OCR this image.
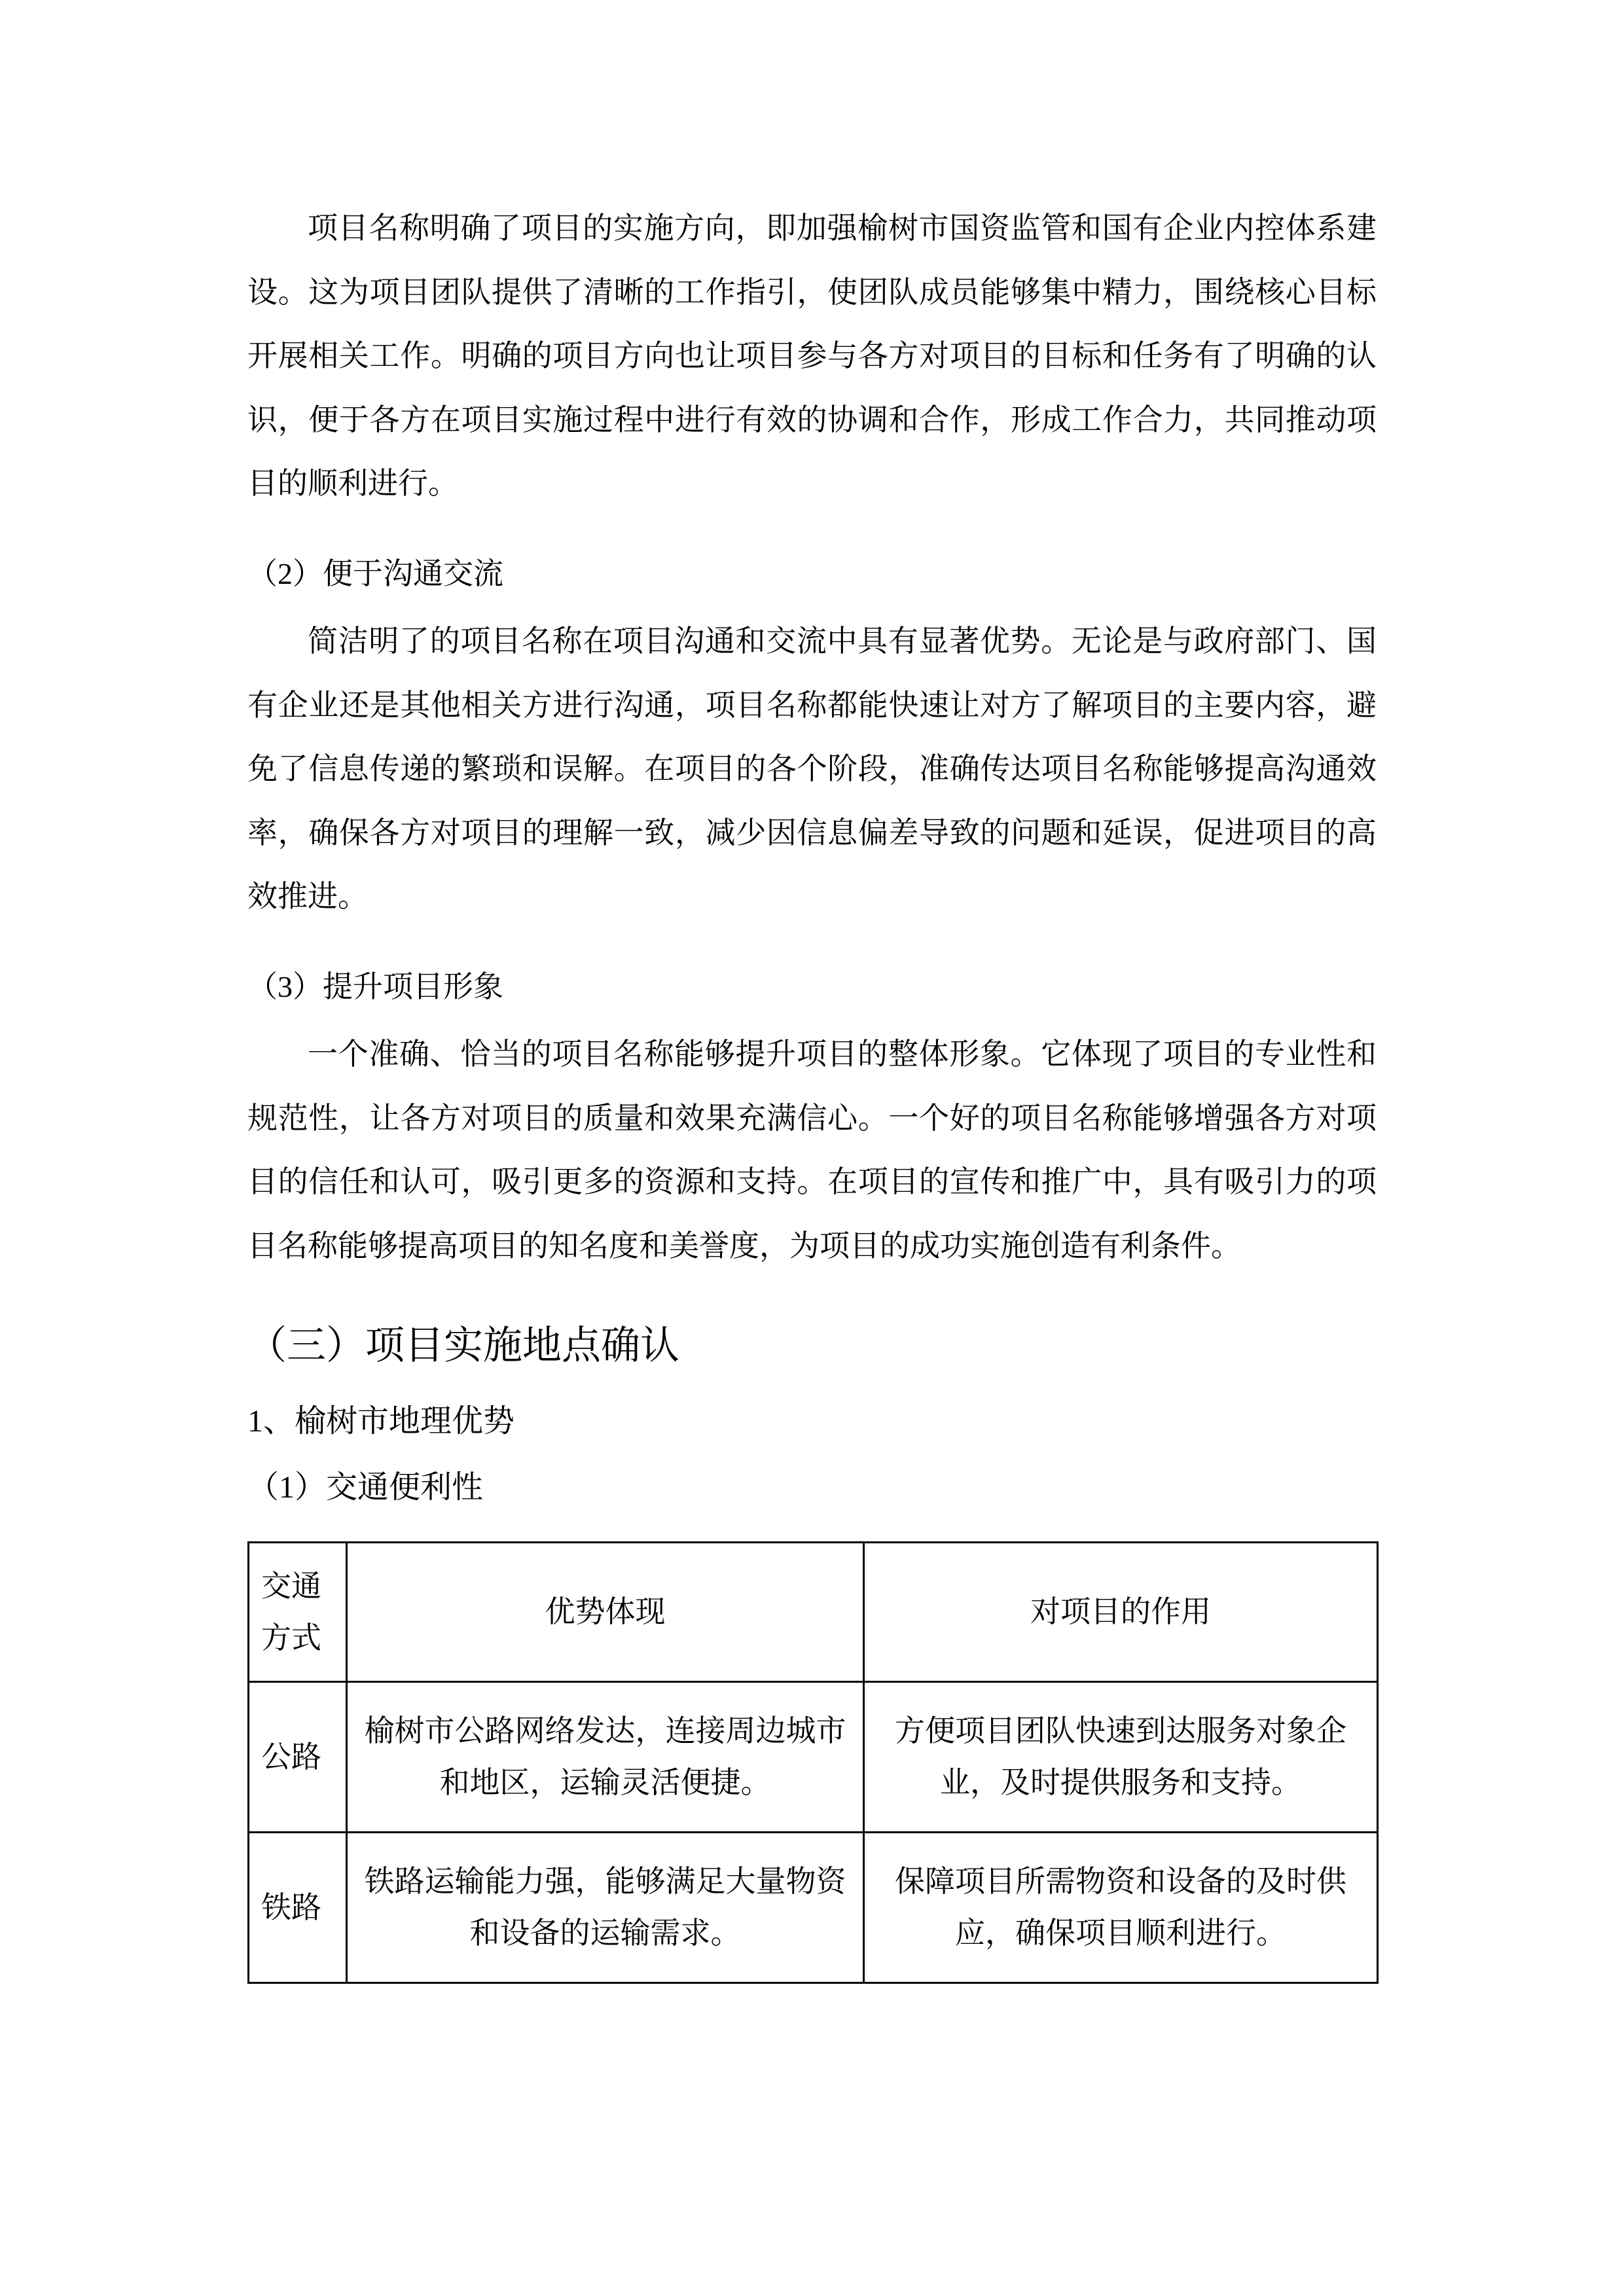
项目名称明确了项目的实施方向，即加强榆树市国资监管和国有企业内控体系建设。这为项目团队提供了清晰的工作指引，使团队成员能够集中精力，围绕核心目标开展相关工作。明确的项目方向也让项目参与各方对项目的目标和任务有了明确的认识，便于各方在项目实施过程中进行有效的协调和合作，形成工作合力，共同推动项目的顺利进行。

（2）便于沟通交流

简洁明了的项目名称在项目沟通和交流中具有显著优势。无论是与政府部门、国有企业还是其他相关方进行沟通，项目名称都能快速让对方了解项目的主要内容，避免了信息传递的繁琐和误解。在项目的各个阶段，准确传达项目名称能够提高沟通效率，确保各方对项目的理解一致，减少因信息偏差导致的问题和延误，促进项目的高效推进。

（3）提升项目形象

一个准确、恰当的项目名称能够提升项目的整体形象。它体现了项目的专业性和规范性，让各方对项目的质量和效果充满信心。一个好的项目名称能够增强各方对项目的信任和认可，吸引更多的资源和支持。在项目的宣传和推广中，具有吸引力的项目名称能够提高项目的知名度和美誉度，为项目的成功实施创造有利条件。

（三）项目实施地点确认

1、榆树市地理优势

（1）交通便利性

交通方式	优势体现	对项目的作用
公路	榆树市公路网络发达，连接周边城市和地区，运输灵活便捷。	方便项目团队快速到达服务对象企业，及时提供服务和支持。
铁路	铁路运输能力强，能够满足大量物资和设备的运输需求。	保障项目所需物资和设备的及时供应，确保项目顺利进行。
